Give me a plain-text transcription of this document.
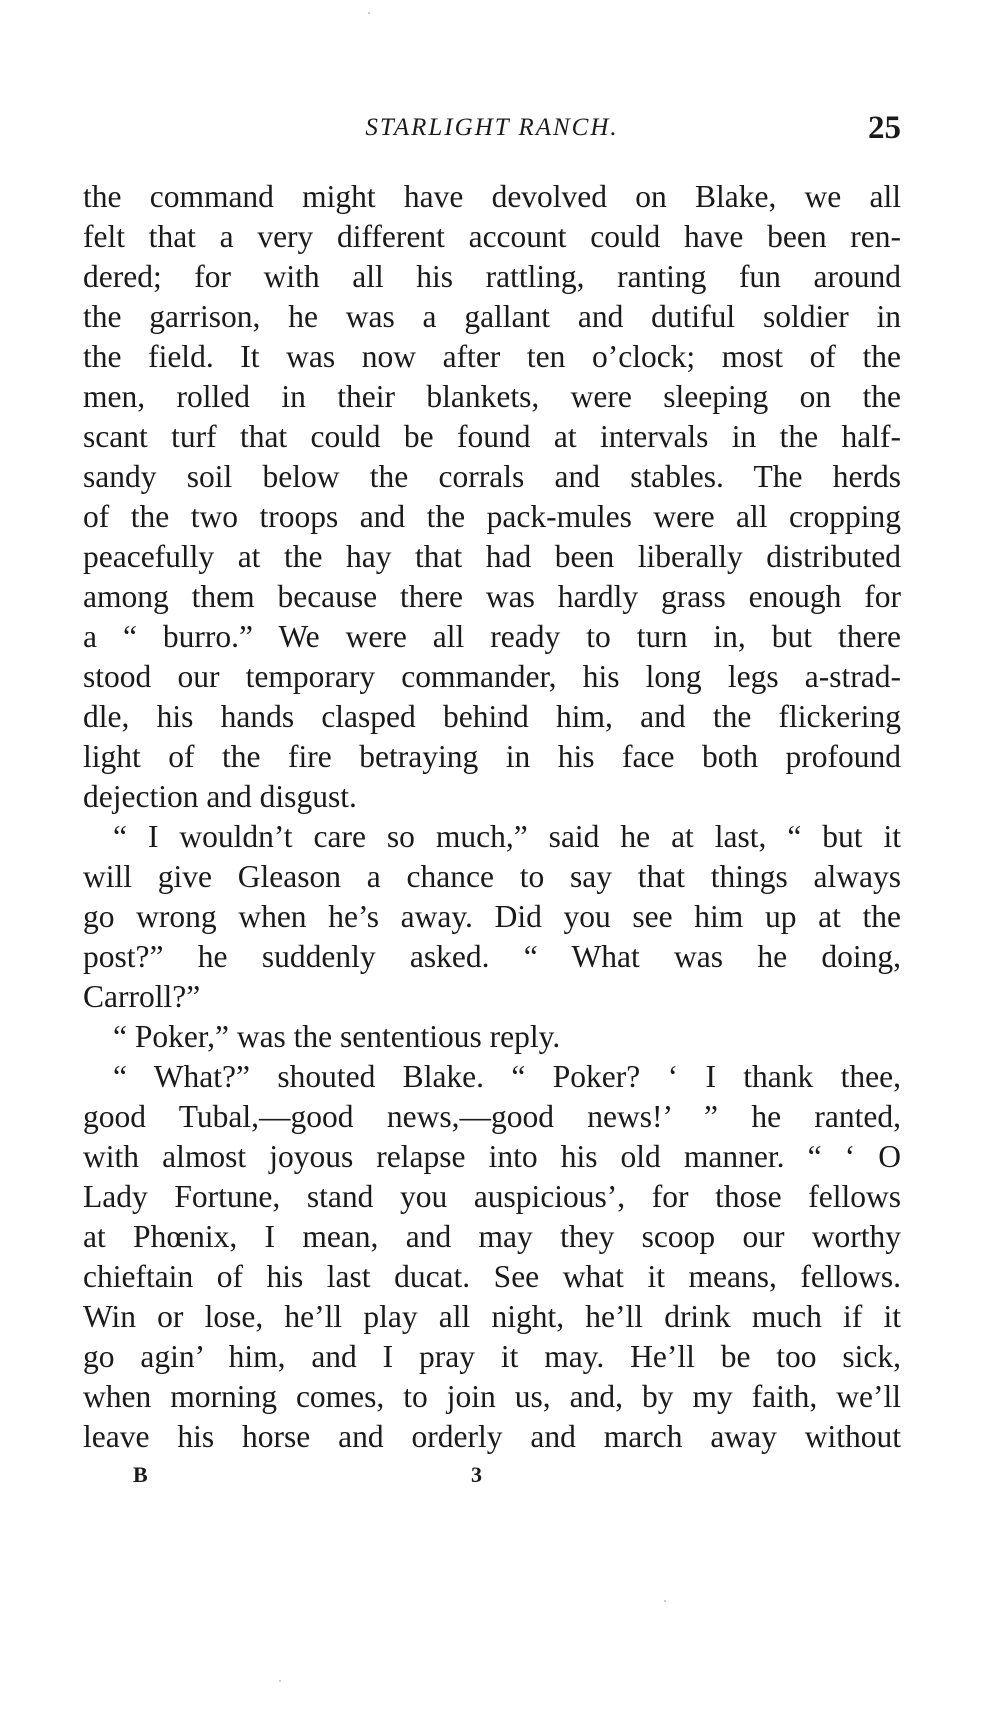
STARLIGHT RANCH.	25
the command might have devolved on Blake, we all
felt that a very different account could have been ren-
dered; for with all his rattling, ranting fun around
the garrison, he was a gallant and dutiful soldier in
the field. It was now after ten o’clock; most of the
men, rolled in their blankets, were sleeping on the
scant turf that could be found at intervals in the half-
sandy soil below the corrals and stables. The herds
of the two troops and the pack-mules were all cropping
peacefully at the hay that had been liberally distributed
among them because there was hardly grass enough for
a “ burro.” We were all ready to turn in, but there
stood our temporary commander, his long legs a-strad-
dle, his hands clasped behind him, and the flickering
light of the fire betraying in his face both profound
dejection and disgust.
“ I wouldn’t care so much,” said he at last, “ but it
will give Gleason a chance to say that things always
go wrong when he’s away. Did you see him up at the
post?” he suddenly asked. “ What was he doing,
Carroll?”
“ Poker,” was the sententious reply.
“ What?” shouted Blake. “ Poker? ‘ I thank thee,
good Tubal,—good news,—good news!’ ” he ranted,
with almost joyous relapse into his old manner. “ ‘ O
Lady Fortune, stand you auspicious’, for those fellows
at Phœnix, I mean, and may they scoop our worthy
chieftain of his last ducat. See what it means, fellows.
Win or lose, he’ll play all night, he’ll drink much if it
go agin’ him, and I pray it may. He’ll be too sick,
when morning comes, to join us, and, by my faith, we’ll
leave his horse and orderly and march away without
B	3
